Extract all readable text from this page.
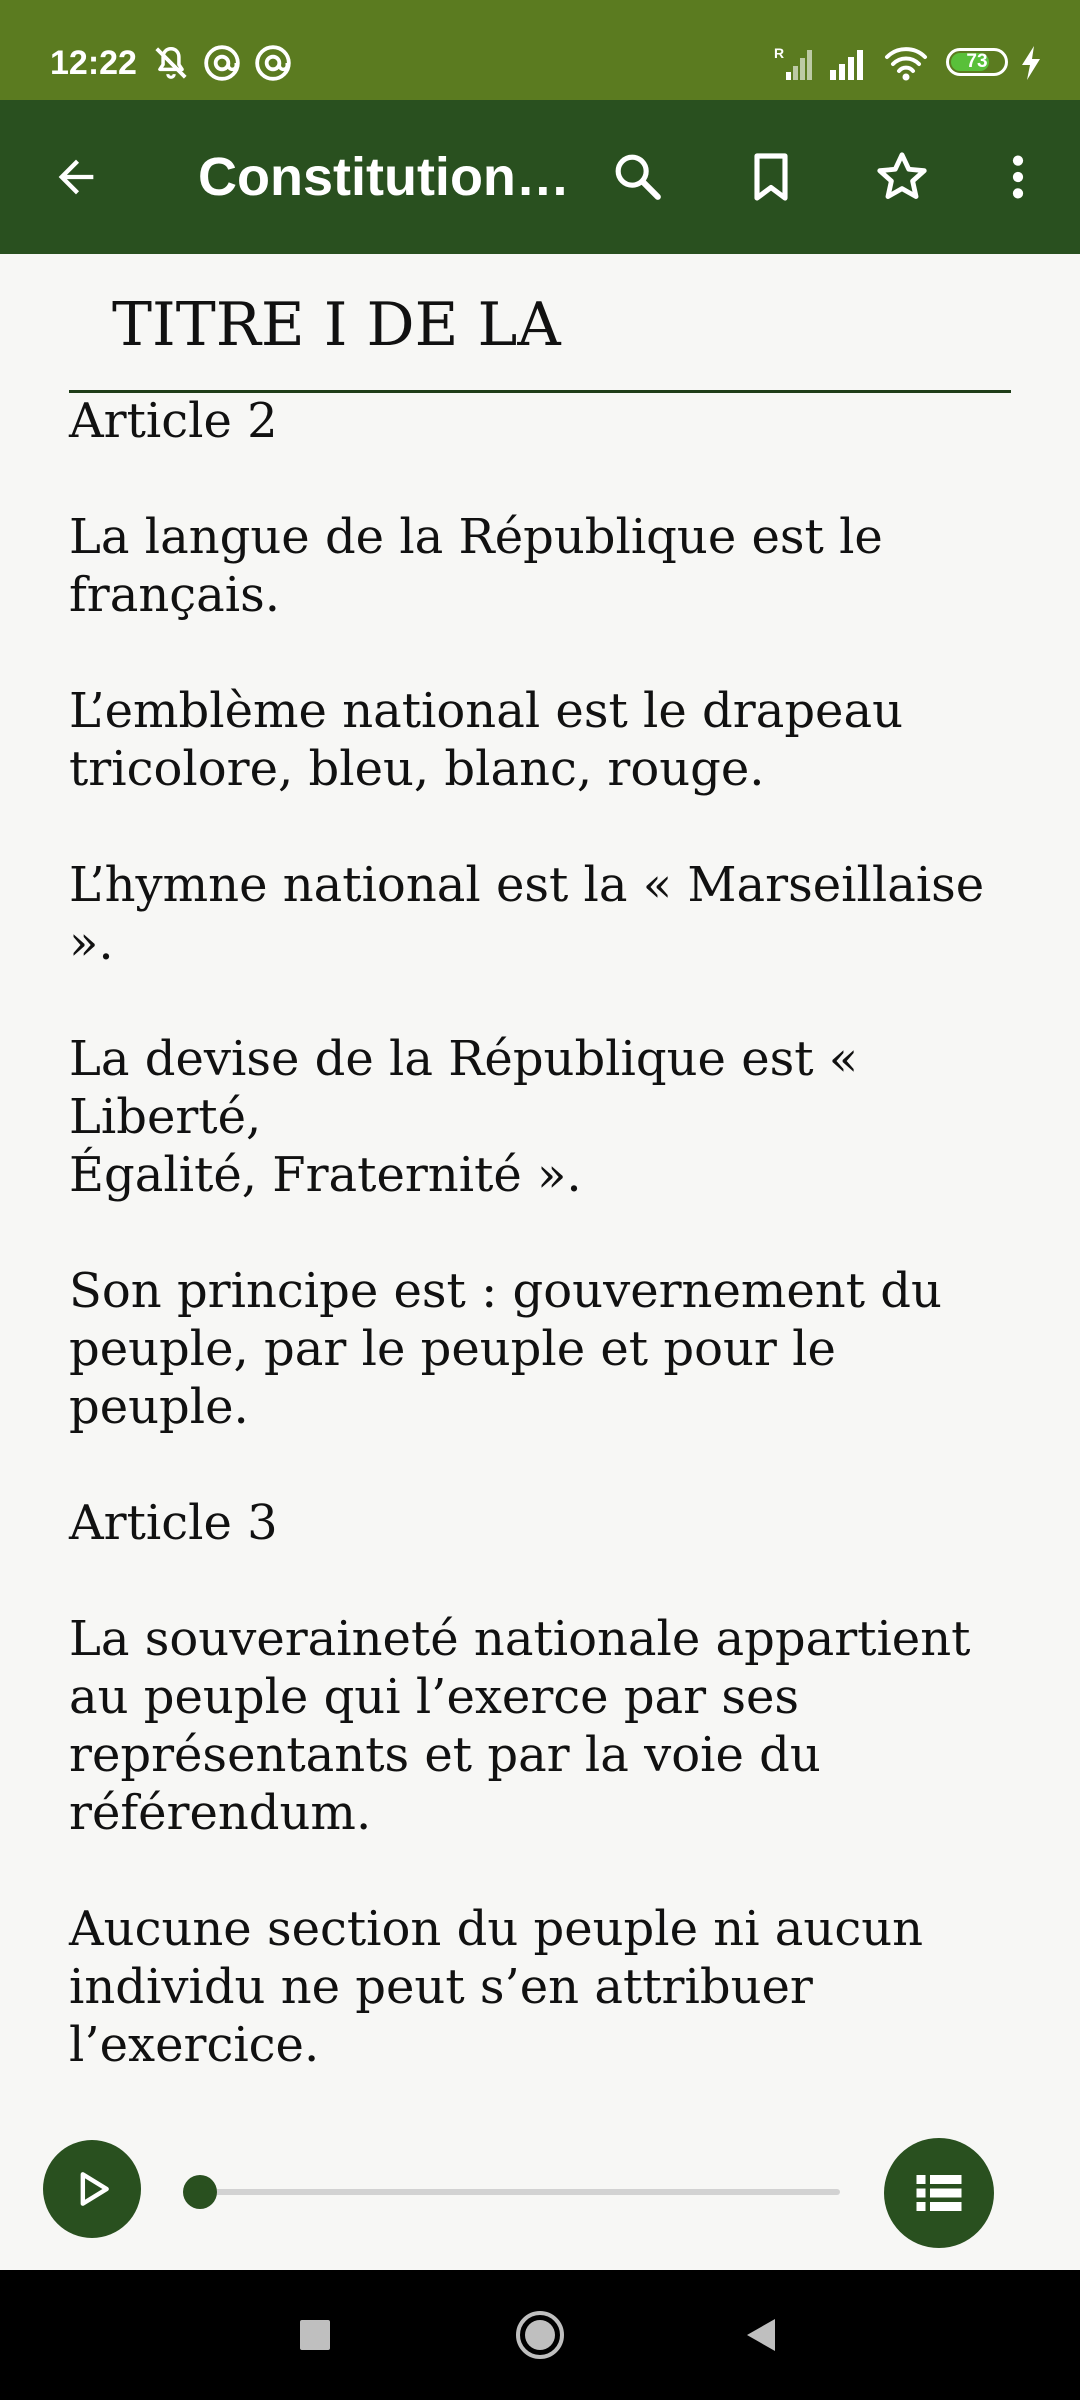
12:22	R	73
Constitution…
TITRE I DE LA

Article 2

La langue de la République est le
français.

L’emblème national est le drapeau
tricolore, bleu, blanc, rouge.

L’hymne national est la « Marseillaise ».

La devise de la République est « Liberté,
Égalité, Fraternité ».

Son principe est : gouvernement du
peuple, par le peuple et pour le peuple.

Article 3

La souveraineté nationale appartient
au peuple qui l’exerce par ses
représentants et par la voie du
référendum.

Aucune section du peuple ni aucun
individu ne peut s’en attribuer
l’exercice.
